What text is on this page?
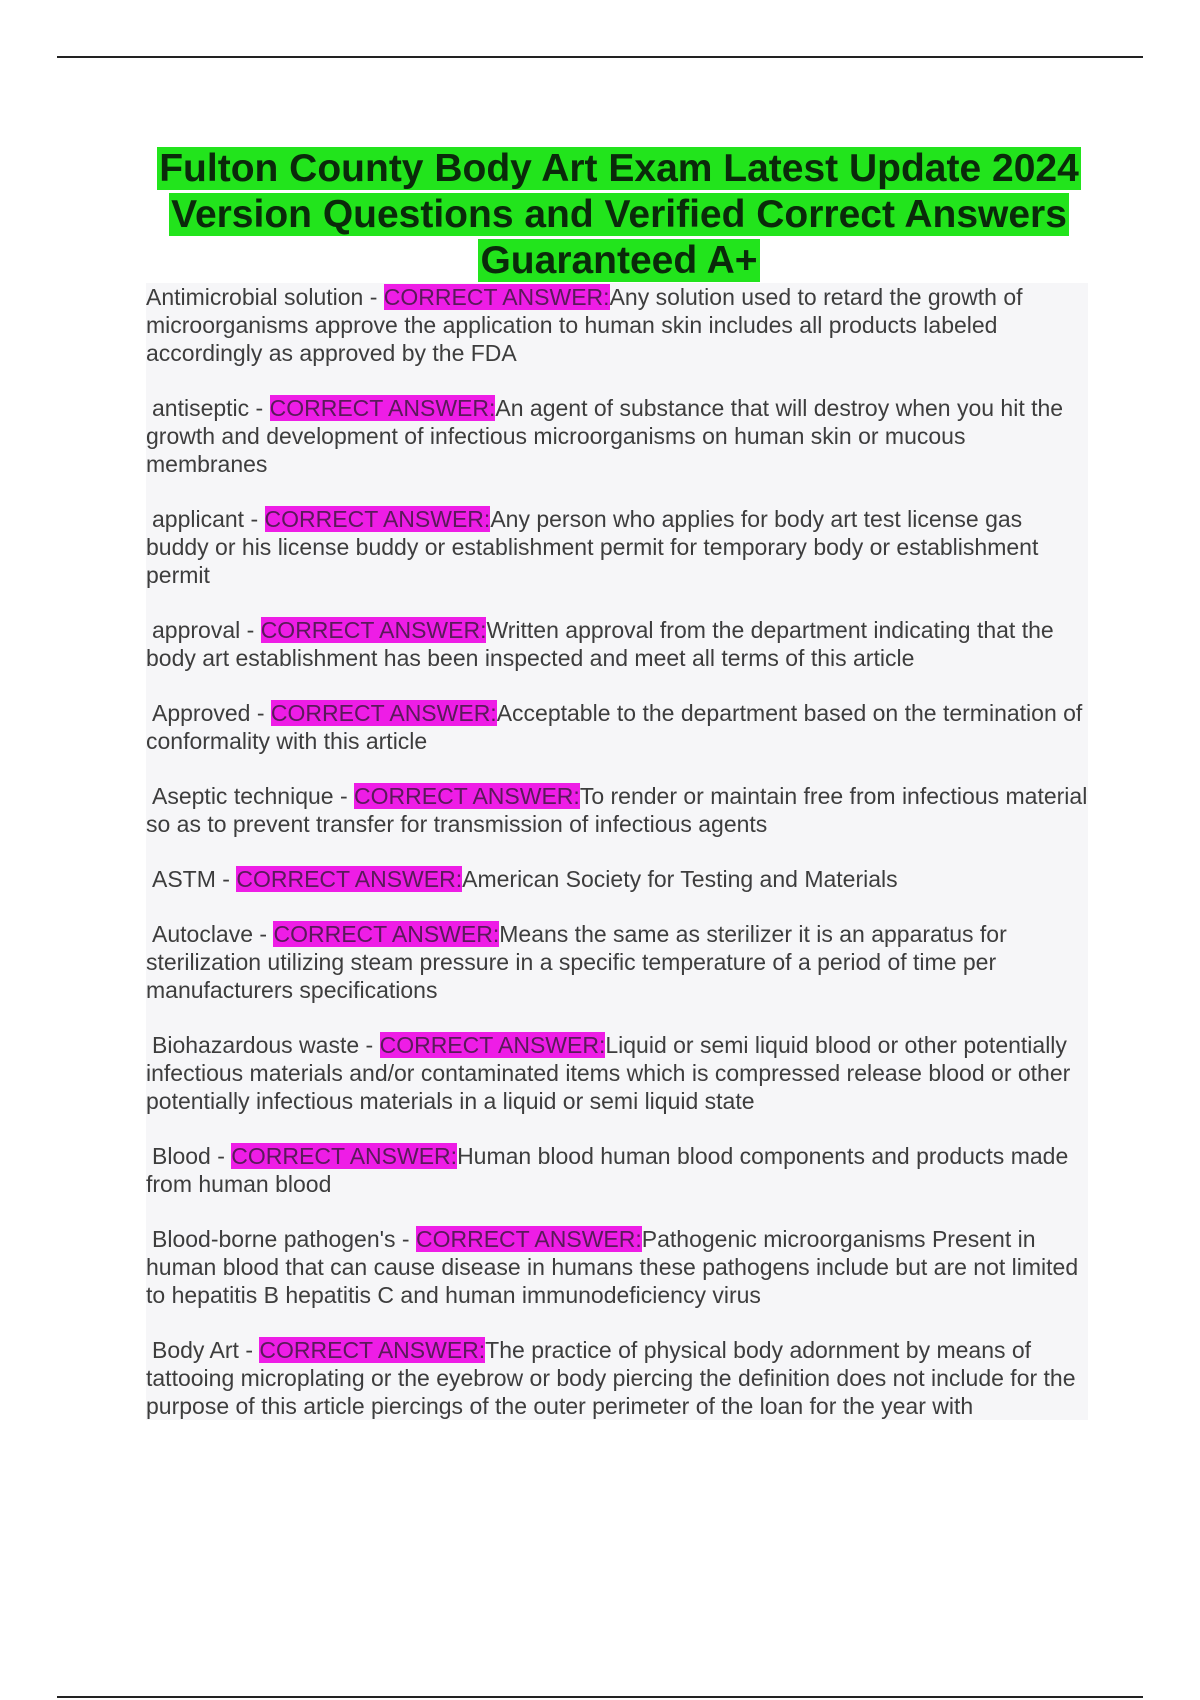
Fulton County Body Art Exam Latest Update 2024 Version Questions and Verified Correct Answers Guaranteed A+
Antimicrobial solution - CORRECT ANSWER:Any solution used to retard the growth of microorganisms approve the application to human skin includes all products labeled accordingly as approved by the FDA
antiseptic - CORRECT ANSWER:An agent of substance that will destroy when you hit the growth and development of infectious microorganisms on human skin or mucous membranes
applicant - CORRECT ANSWER:Any person who applies for body art test license gas buddy or his license buddy or establishment permit for temporary body or establishment permit
approval - CORRECT ANSWER:Written approval from the department indicating that the body art establishment has been inspected and meet all terms of this article
Approved - CORRECT ANSWER:Acceptable to the department based on the termination of conformality with this article
Aseptic technique - CORRECT ANSWER:To render or maintain free from infectious material so as to prevent transfer for transmission of infectious agents
ASTM - CORRECT ANSWER:American Society for Testing and Materials
Autoclave - CORRECT ANSWER:Means the same as sterilizer it is an apparatus for sterilization utilizing steam pressure in a specific temperature of a period of time per manufacturers specifications
Biohazardous waste - CORRECT ANSWER:Liquid or semi liquid blood or other potentially infectious materials and/or contaminated items which is compressed release blood or other potentially infectious materials in a liquid or semi liquid state
Blood - CORRECT ANSWER:Human blood human blood components and products made from human blood
Blood-borne pathogen's - CORRECT ANSWER:Pathogenic microorganisms Present in human blood that can cause disease in humans these pathogens include but are not limited to hepatitis B hepatitis C and human immunodeficiency virus
Body Art - CORRECT ANSWER:The practice of physical body adornment by means of tattooing microplating or the eyebrow or body piercing the definition does not include for the purpose of this article piercings of the outer perimeter of the loan for the year with
